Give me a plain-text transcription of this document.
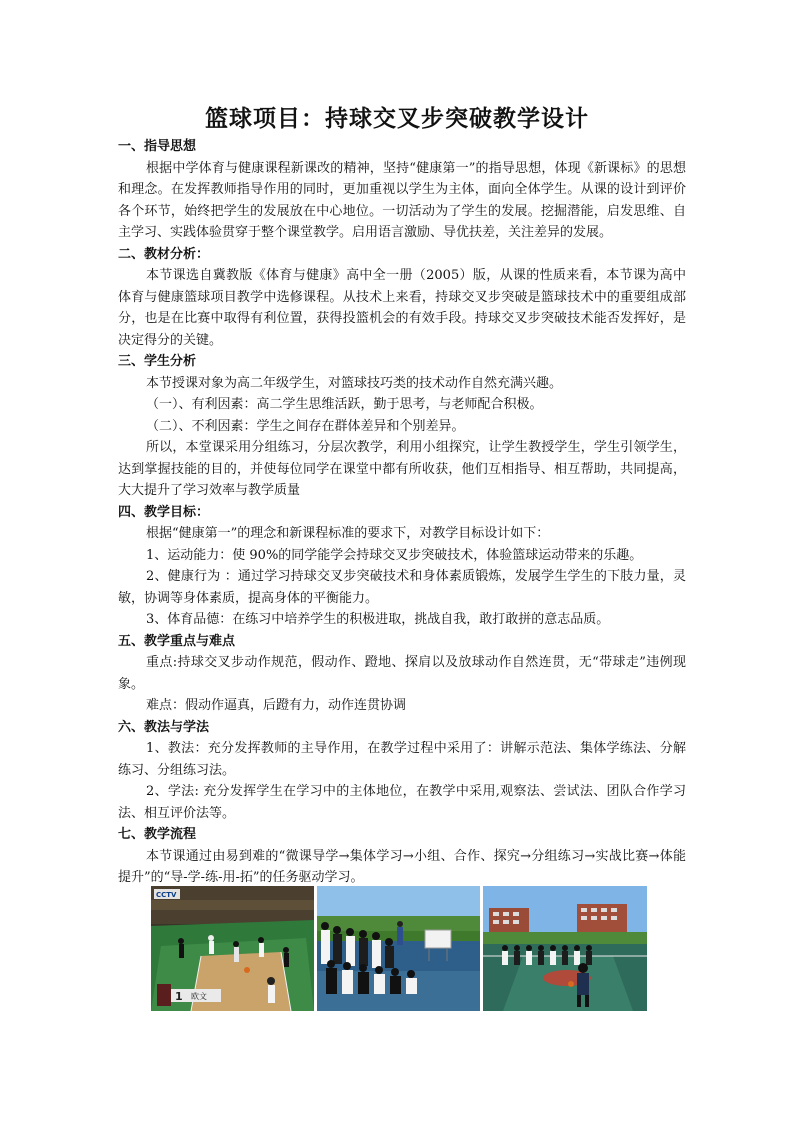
篮球项目：持球交叉步突破教学设计
一、指导思想

根据中学体育与健康课程新课改的精神，坚持“健康第一”的指导思想，体现《新课标》的思想和理念。在发挥教师指导作用的同时，更加重视以学生为主体，面向全体学生。从课的设计到评价各个环节，始终把学生的发展放在中心地位。一切活动为了学生的发展。挖掘潜能，启发思维、自主学习、实践体验贯穿于整个课堂教学。启用语言激励、导优扶差，关注差异的发展。

二、教材分析：

本节课选自冀教版《体育与健康》高中全一册（2005）版，从课的性质来看，本节课为高中体育与健康篮球项目教学中选修课程。从技术上来看，持球交叉步突破是篮球技术中的重要组成部分，也是在比赛中取得有利位置，获得投篮机会的有效手段。持球交叉步突破技术能否发挥好，是决定得分的关键。

三、学生分析

本节授课对象为高二年级学生，对篮球技巧类的技术动作自然充满兴趣。

（一）、有利因素：高二学生思维活跃，勤于思考，与老师配合积极。

（二）、不利因素：学生之间存在群体差异和个别差异。

所以，本堂课采用分组练习，分层次教学，利用小组探究，让学生教授学生，学生引领学生，达到掌握技能的目的，并使每位同学在课堂中都有所收获，他们互相指导、相互帮助，共同提高，大大提升了学习效率与教学质量

四、教学目标：

根据“健康第一”的理念和新课程标准的要求下，对教学目标设计如下：

1、运动能力：使 90%的同学能学会持球交叉步突破技术，体验篮球运动带来的乐趣。

2、健康行为 ：通过学习持球交叉步突破技术和身体素质锻炼，发展学生学生的下肢力量，灵敏，协调等身体素质，提高身体的平衡能力。

3、体育品德：在练习中培养学生的积极进取，挑战自我，敢打敢拼的意志品质。

五、教学重点与难点

重点:持球交叉步动作规范，假动作、蹬地、探肩以及放球动作自然连贯，无“带球走”违例现象。

难点：假动作逼真，后蹬有力，动作连贯协调

六、教法与学法

1、教法：充分发挥教师的主导作用，在教学过程中采用了：讲解示范法、集体学练法、分解练习、分组练习法。

2、学法: 充分发挥学生在学习中的主体地位，在教学中采用,观察法、尝试法、团队合作学习法、相互评价法等。

七、教学流程

本节课通过由易到难的“微课导学→集体学习→小组、合作、探究→分组练习→实战比赛→体能提升”的“导-学-练-用-拓”的任务驱动学习。

CCTV
1 欧文
